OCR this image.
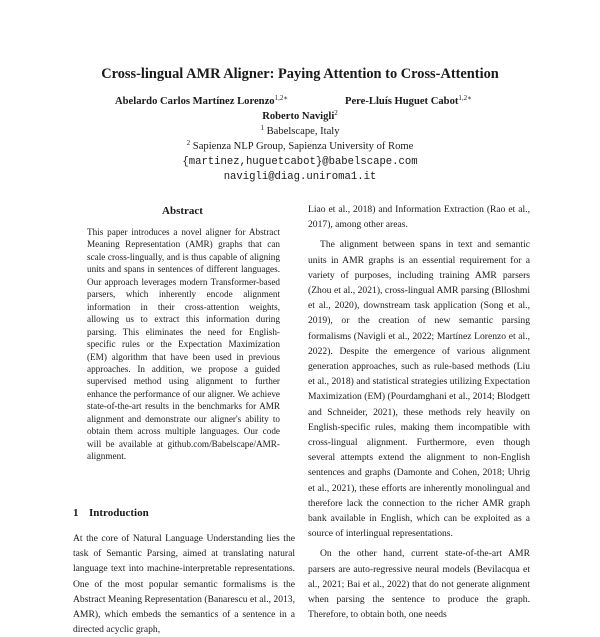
Cross-lingual AMR Aligner: Paying Attention to Cross-Attention
Abelardo Carlos Martínez Lorenzo$^{1,2∗}$	Pere-Lluís Huguet Cabot$^{1,2∗}$
Roberto Navigli$^2$
$^1$ Babelscape, Italy
$^2$ Sapienza NLP Group, Sapienza University of Rome
{martinez,huguetcabot}@babelscape.com
navigli@diag.uniroma1.it
Abstract
This paper introduces a novel aligner for Abstract Meaning Representation (AMR) graphs that can scale cross-lingually, and is thus capable of aligning units and spans in sentences of different languages. Our approach leverages modern Transformer-based parsers, which inherently encode alignment information in their cross-attention weights, allowing us to extract this information during parsing. This eliminates the need for English-specific rules or the Expectation Maximization (EM) algorithm that have been used in previous approaches. In addition, we propose a guided supervised method using alignment to further enhance the performance of our aligner. We achieve state-of-the-art results in the benchmarks for AMR alignment and demonstrate our aligner's ability to obtain them across multiple languages. Our code will be available at github.com/Babelscape/AMR-alignment.
1 Introduction

At the core of Natural Language Understanding lies the task of Semantic Parsing, aimed at translating natural language text into machine-interpretable representations. One of the most popular semantic formalisms is the Abstract Meaning Representation (Banarescu et al., 2013, AMR), which embeds the semantics of a sentence in a directed acyclic graph,

Liao et al., 2018) and Information Extraction (Rao et al., 2017), among other areas.

The alignment between spans in text and semantic units in AMR graphs is an essential requirement for a variety of purposes, including training AMR parsers (Zhou et al., 2021), cross-lingual AMR parsing (Blloshmi et al., 2020), downstream task application (Song et al., 2019), or the creation of new semantic parsing formalisms (Navigli et al., 2022; Martínez Lorenzo et al., 2022). Despite the emergence of various alignment generation approaches, such as rule-based methods (Liu et al., 2018) and statistical strategies utilizing Expectation Maximization (EM) (Pourdamghani et al., 2014; Blodgett and Schneider, 2021), these methods rely heavily on English-specific rules, making them incompatible with cross-lingual alignment. Furthermore, even though several attempts extend the alignment to non-English sentences and graphs (Damonte and Cohen, 2018; Uhrig et al., 2021), these efforts are inherently monolingual and therefore lack the connection to the richer AMR graph bank available in English, which can be exploited as a source of interlingual representations.

On the other hand, current state-of-the-art AMR parsers are auto-regressive neural models (Bevilacqua et al., 2021; Bai et al., 2022) that do not generate alignment when parsing the sentence to produce the graph. Therefore, to obtain both, one needs
